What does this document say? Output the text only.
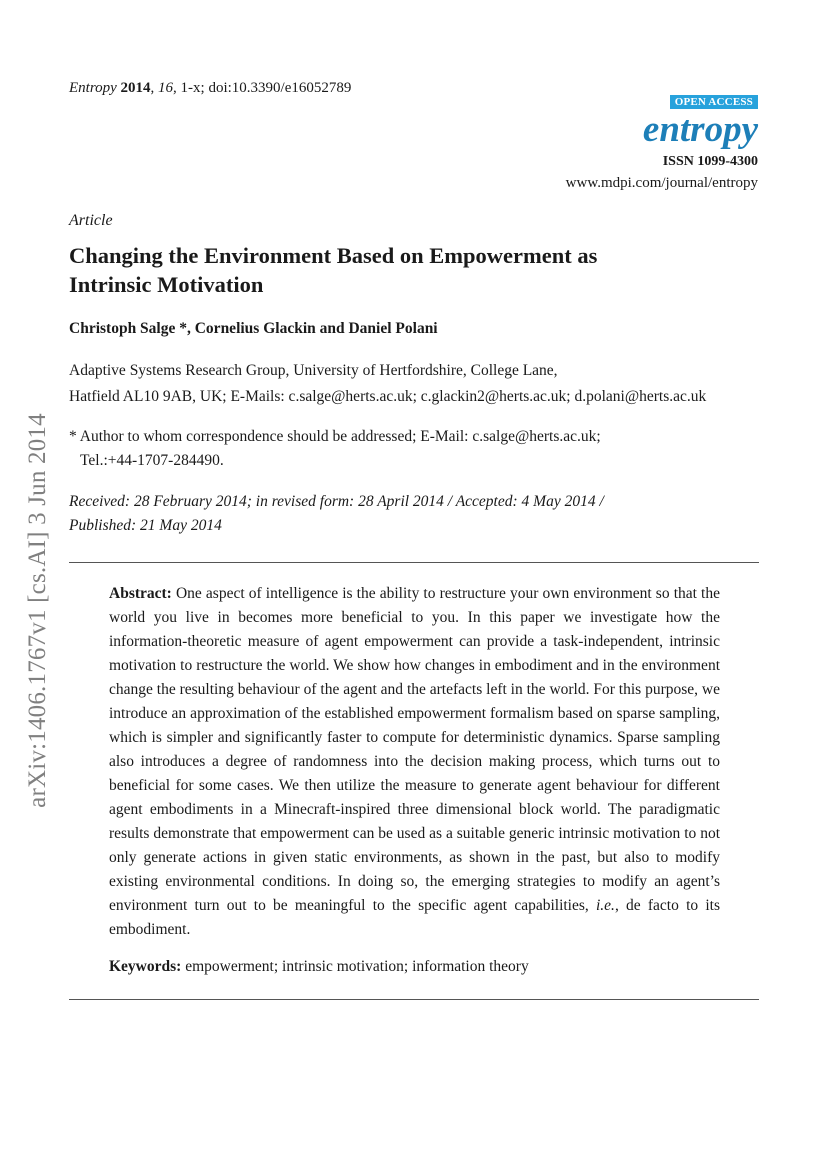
Entropy 2014, 16, 1-x; doi:10.3390/e16052789
OPEN ACCESS
entropy
ISSN 1099-4300
www.mdpi.com/journal/entropy
Article
Changing the Environment Based on Empowerment as
Intrinsic Motivation
Christoph Salge *, Cornelius Glackin and Daniel Polani
Adaptive Systems Research Group, University of Hertfordshire, College Lane,
Hatfield AL10 9AB, UK; E-Mails: c.salge@herts.ac.uk; c.glackin2@herts.ac.uk; d.polani@herts.ac.uk
* Author to whom correspondence should be addressed; E-Mail: c.salge@herts.ac.uk;
Tel.:+44-1707-284490.
Received: 28 February 2014; in revised form: 28 April 2014 / Accepted: 4 May 2014 /
Published: 21 May 2014

Abstract: One aspect of intelligence is the ability to restructure your own environment so that the world you live in becomes more beneficial to you. In this paper we investigate how the information-theoretic measure of agent empowerment can provide a task-independent, intrinsic motivation to restructure the world. We show how changes in embodiment and in the environment change the resulting behaviour of the agent and the artefacts left in the world. For this purpose, we introduce an approximation of the established empowerment formalism based on sparse sampling, which is simpler and significantly faster to compute for deterministic dynamics. Sparse sampling also introduces a degree of randomness into the decision making process, which turns out to beneficial for some cases. We then utilize the measure to generate agent behaviour for different agent embodiments in a Minecraft-inspired three dimensional block world. The paradigmatic results demonstrate that empowerment can be used as a suitable generic intrinsic motivation to not only generate actions in given static environments, as shown in the past, but also to modify existing environmental conditions. In doing so, the emerging strategies to modify an agent’s environment turn out to be meaningful to the specific agent capabilities, i.e., de facto to its embodiment.

Keywords: empowerment; intrinsic motivation; information theory
arXiv:1406.1767v1 [cs.AI] 3 Jun 2014
